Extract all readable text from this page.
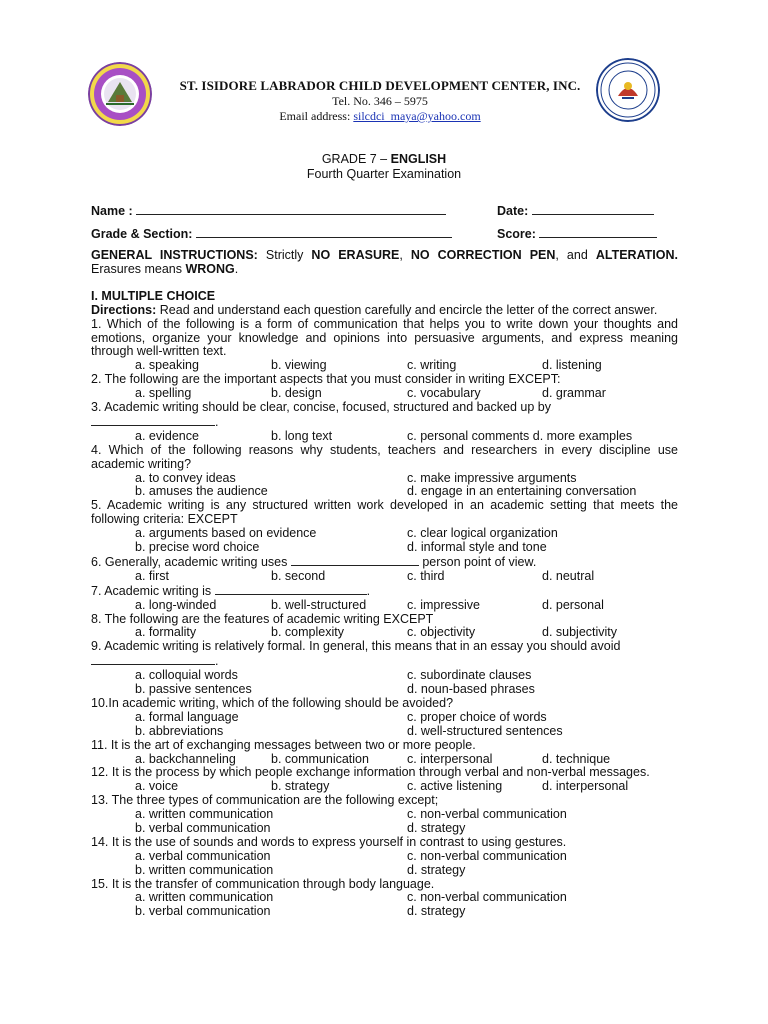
ST. ISIDORE LABRADOR CHILD DEVELOPMENT CENTER, INC.
Tel. No. 346 – 5975
Email address: silcdci_maya@yahoo.com
GRADE 7 – ENGLISH
Fourth Quarter Examination
Name :	Date:
Grade & Section:	Score:
GENERAL INSTRUCTIONS: Strictly NO ERASURE, NO CORRECTION PEN, and ALTERATION. Erasures means WRONG.
I. MULTIPLE CHOICE
Directions: Read and understand each question carefully and encircle the letter of the correct answer.
1. Which of the following is a form of communication that helps you to write down your thoughts and emotions, organize your knowledge and opinions into persuasive arguments, and express meaning through well-written text.
a. speaking	b. viewing	c. writing	d. listening
2. The following are the important aspects that you must consider in writing EXCEPT:
a. spelling	b. design	c. vocabulary	d. grammar
3. Academic writing should be clear, concise, focused, structured and backed up by
.
a. evidence	b. long text	c. personal comments d. more examples
4. Which of the following reasons why students, teachers and researchers in every discipline use academic writing?
a. to convey ideas	c. make impressive arguments
b. amuses the audience	d. engage in an entertaining conversation
5. Academic writing is any structured written work developed in an academic setting that meets the following criteria: EXCEPT
a. arguments based on evidence	c. clear logical organization
b. precise word choice	d. informal style and tone
6. Generally, academic writing uses	person point of view.
a. first	b. second	c. third	d. neutral
7. Academic writing is	.
a. long-winded	b. well-structured	c. impressive	d. personal
8. The following are the features of academic writing EXCEPT
a. formality	b. complexity	c. objectivity	d. subjectivity
9. Academic writing is relatively formal. In general, this means that in an essay you should avoid
.
a. colloquial words	c. subordinate clauses
b. passive sentences	d. noun-based phrases
10.In academic writing, which of the following should be avoided?
a. formal language	c. proper choice of words
b. abbreviations	d. well-structured sentences
11. It is the art of exchanging messages between two or more people.
a. backchanneling	b. communication	c. interpersonal	d. technique
12. It is the process by which people exchange information through verbal and non-verbal messages.
a. voice	b. strategy	c. active listening	d. interpersonal
13. The three types of communication are the following except;
a. written communication	c. non-verbal communication
b. verbal communication	d. strategy
14. It is the use of sounds and words to express yourself in contrast to using gestures.
a. verbal communication	c. non-verbal communication
b. written communication	d. strategy
15. It is the transfer of communication through body language.
a. written communication	c. non-verbal communication
b. verbal communication	d. strategy
